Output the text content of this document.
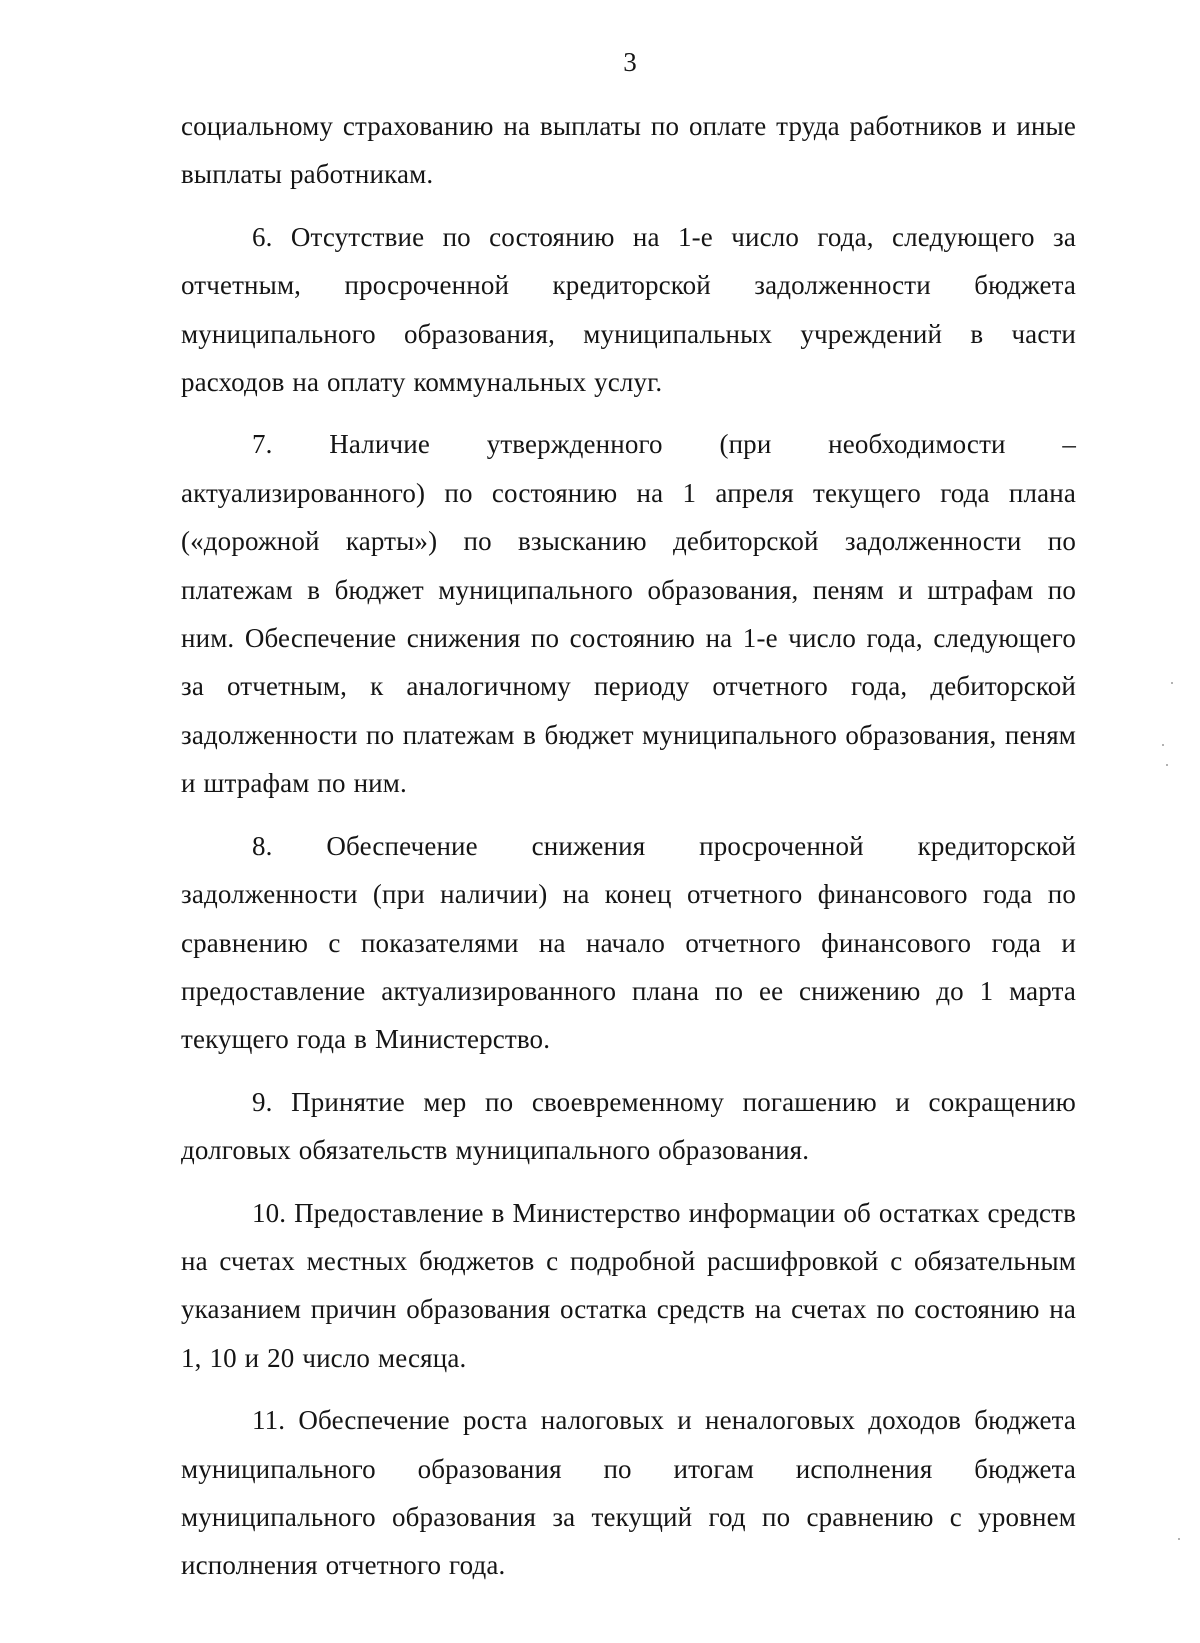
3

социальному страхованию на выплаты по оплате труда работников и иные выплаты работникам.

6. Отсутствие по состоянию на 1-е число года, следующего за отчетным, просроченной кредиторской задолженности бюджета муниципального образования, муниципальных учреждений в части расходов на оплату коммунальных услуг.

7. Наличие утвержденного (при необходимости – актуализированного) по состоянию на 1 апреля текущего года плана («дорожной карты») по взысканию дебиторской задолженности по платежам в бюджет муниципального образования, пеням и штрафам по ним. Обеспечение снижения по состоянию на 1-е число года, следующего за отчетным, к аналогичному периоду отчетного года, дебиторской задолженности по платежам в бюджет муниципального образования, пеням и штрафам по ним.

8. Обеспечение снижения просроченной кредиторской задолженности (при наличии) на конец отчетного финансового года по сравнению с показателями на начало отчетного финансового года и предоставление актуализированного плана по ее снижению до 1 марта текущего года в Министерство.

9. Принятие мер по своевременному погашению и сокращению долговых обязательств муниципального образования.

10. Предоставление в Министерство информации об остатках средств на счетах местных бюджетов с подробной расшифровкой с обязательным указанием причин образования остатка средств на счетах по состоянию на 1, 10 и 20 число месяца.

11. Обеспечение роста налоговых и неналоговых доходов бюджета муниципального образования по итогам исполнения бюджета муниципального образования за текущий год по сравнению с уровнем исполнения отчетного года.
